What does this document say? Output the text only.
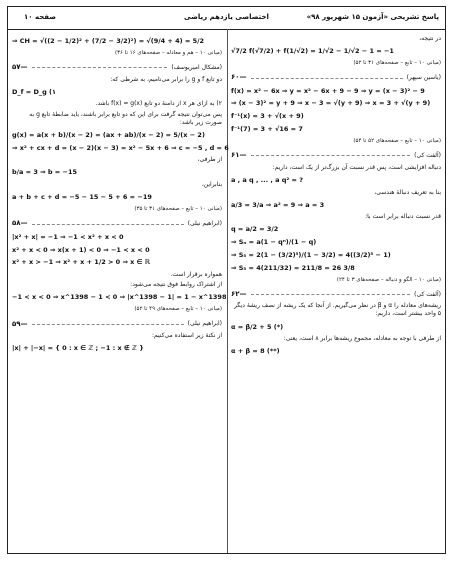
پاسخ تشریحی «آزمون ۱۵ شهریور ۹۸»
اختصاصی یازدهم ریاضی
صفحه ۱۰
در نتیجه،
√7/2 f(√7/2) + f(1/√2) = 1/√2 − 1/√2 − 1 = −1
(مبانی ۱۰ – تابع – صفحه‌های ۳۱ تا ۵۲)
(یاسین سپهر)
—۶۰
f(x) = x² − 6x ⇒ y = x² − 6x + 9 − 9 ⇒ y = (x − 3)² − 9
⇒ (x − 3)² = y + 9 ⇒ x − 3 = √(y + 9) ⇒ x = 3 + √(y + 9)
f⁻¹(x) = 3 + √(x + 9)
f⁻¹(7) = 3 + √16 = 7
(مبانی ۱۰ – تابع – صفحه‌های ۵۲ تا ۵۴)
(آلفت کی)
—۶۱
دنباله افزایشی است، پس قدر نسبت آن بزرگ‌تر از یک است، داریم:
a , a q , ... , a q² = ?
بنا به تعریف دنبالهٔ هندسی،
a/3 = 3/a ⇒ a² = 9 ⇒ a = 3
قدر نسبت دنباله برابر است با:
q = a/2 = 3/2
⇒ Sₙ = a(1 − qⁿ)/(1 − q)
⇒ S₅ = 2(1 − (3/2)⁵)/(1 − 3/2) = 4((3/2)⁵ − 1)
⇒ S₅ = 4(211/32) = 211/8 = 26 3/8
(مبانی ۱۰ – الگو و دنباله – صفحه‌های ۳ تا ۲۴)
(آلفت کی)
—۶۲
ریشه‌های معادله را α و β در نظر می‌گیریم. از آنجا که یک ریشه از نصف ریشهٔ دیگر ۵ واحد بیشتر است، داریم:
α = β/2 + 5 (*)
از طرفی با توجه به معادله، مجموع ریشه‌ها برابر ۸ است، یعنی:
α + β = 8 (**)
⇒ CH = √((2 − 1/2)² + (7/2 − 3/2)²) = √(9/4 + 4) = 5/2
(مبانی ۱۰ – هم و معادله – صفحه‌های ۱۶ تا ۳۶)
(مشکال امیر‌یوسف)
—۵۷
دو تابع f و g را برابر می‌نامیم، به شرطی که:
D_f = D_g (۱
۲) به ازای هر x از دامنهٔ دو تابع f(x) = g(x) باشد.
پس می‌توان نتیجه گرفت برای این که دو تابع برابر باشند، باید ضابطهٔ تابع g به صورت زیر باشد:
g(x) = a(x + b)/(x − 2) = (ax + ab)/(x − 2) = 5/(x − 2)
⇒ x² + cx + d = (x − 2)(x − 3) = x² − 5x + 6 ⇒ c = −5 , d = 6
از طرفی،
b/a = 3 ⇒ b = −15
بنابراین،
a + b + c + d = −5 − 15 − 5 + 6 = −19
(مبانی ۱۰ – تابع – صفحه‌های ۳۱ تا ۳۵)
(ابراهیم نیلی)
—۵۸
|x² + x| = −1 ⇒ −1 < x² + x < 0
x² + x < 0 ⇒ x(x + 1) < 0 ⇒ −1 < x < 0
x² + x > −1 ⇒ x² + x + 1/2 > 0 ⇒ x ∈ ℝ
همواره برقرار است.
از اشتراک روابط فوق نتیجه می‌شود:
−1 < x < 0 ⇒ x^1398 − 1 < 0 ⇒ |x^1398 − 1| = 1 − x^1398
(مبانی ۱۰ – تابع – صفحه‌های ۴۹ تا ۵۲)
(ابراهیم نیلی)
—۵۹
از نکتهٔ زیر استفاده می‌کنیم:
|x| + |−x| = { 0 : x ∈ ℤ ; −1 : x ∉ ℤ }
